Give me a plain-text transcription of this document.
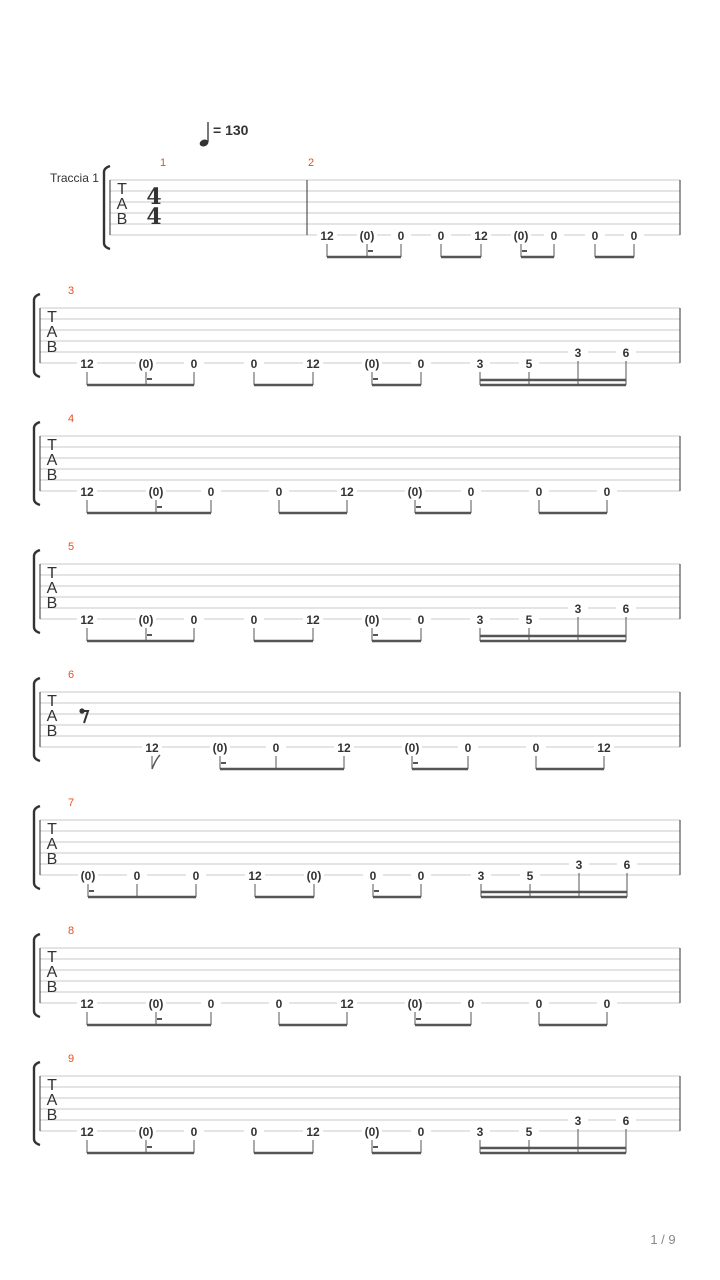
= 130
Traccia 1
T
A
B
1	2
4
4
12 (0) 0	0 12 (0) 0	0	0
T
A
B
3
12	(0)	0	0	12	(0)	0	3	5
3	6
T
A
B
4
12	(0)	0	0	12	(0)	0	0	0
T
A
B
5
12	(0)	0	0	12	(0)	0	3	5
3	6
T
A
B
6
12	(0)	0	12	(0)	0	0	12
T
A
B
7
(0)	0	0	12	(0)	0	0	3	5
3	6
T
A
B
8
12	(0)	0	0	12	(0)	0	0	0
T
A
B
9
12	(0)	0	0	12	(0)	0	3	5
3	6
1 / 9
